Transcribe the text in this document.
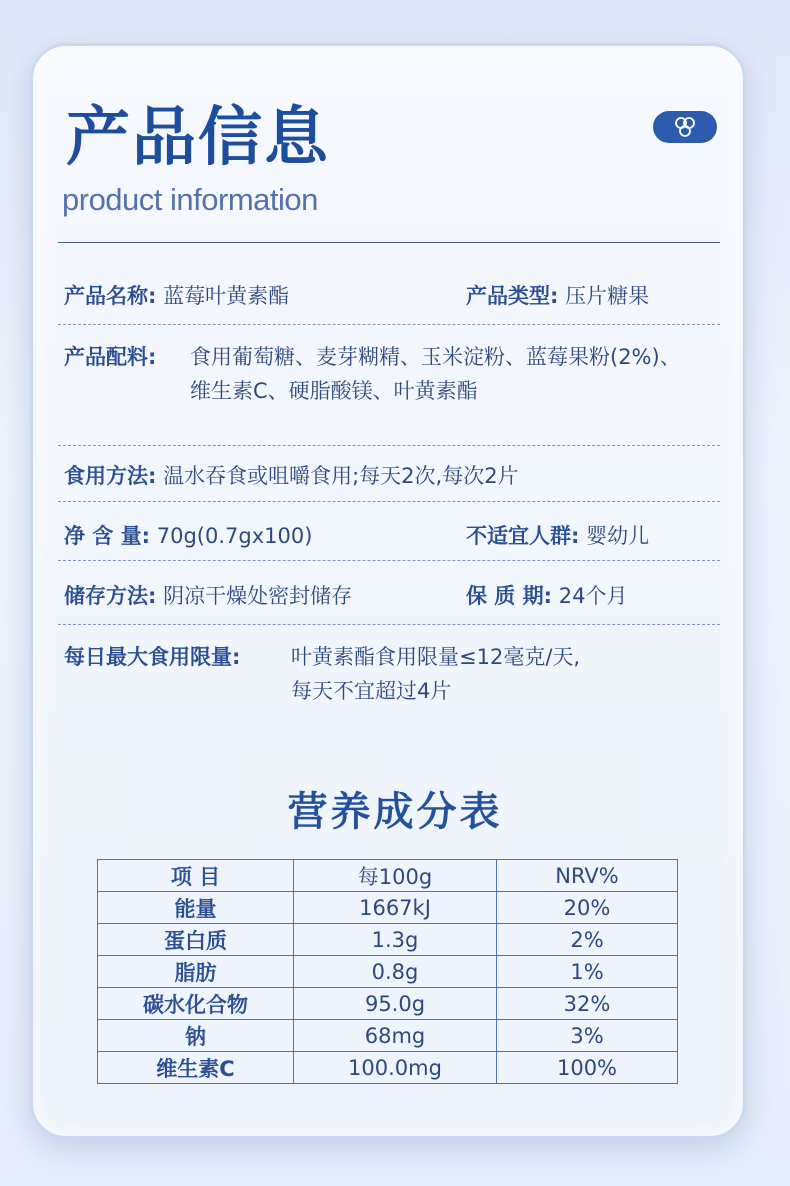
产品信息
product information
产品名称: 蓝莓叶黄素酯	产品类型: 压片糖果
产品配料: 食用葡萄糖、麦芽糊精、玉米淀粉、蓝莓果粉(2%)、
维生素C、硬脂酸镁、叶黄素酯
食用方法: 温水吞食或咀嚼食用;每天2次,每次2片
净 含 量: 70g(0.7gx100)	不适宜人群: 婴幼儿
储存方法: 阴凉干燥处密封储存	保 质 期: 24个月
每日最大食用限量: 叶黄素酯食用限量≤12毫克/天,
每天不宜超过4片
营养成分表
项 目	每100g	NRV%
能量	1667kJ	20%
蛋白质	1.3g	2%
脂肪	0.8g	1%
碳水化合物	95.0g	32%
钠	68mg	3%
维生素C	100.0mg	100%
